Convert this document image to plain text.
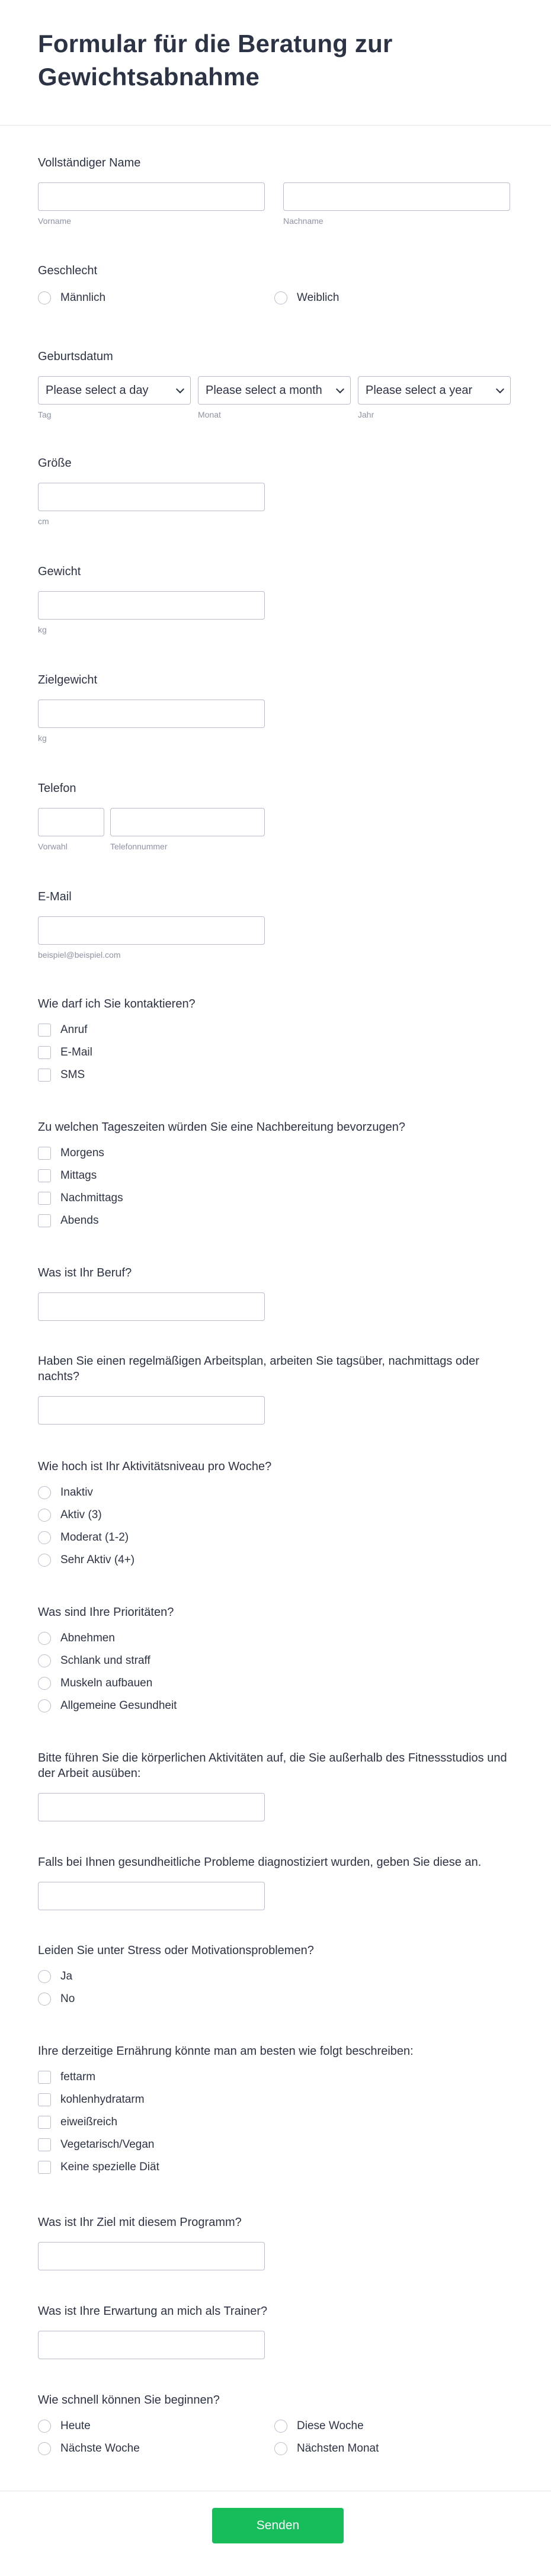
Formular für die Beratung zur Gewichtsabnahme
Vollständiger Name
Vorname	Nachname
Geschlecht
Männlich	Weiblich
Geburtsdatum
Please select a day
Tag
Please select a month
Monat
Please select a year
Jahr
Größe
cm
Gewicht
kg
Zielgewicht
kg
Telefon
Vorwahl	Telefonnummer
E-Mail
beispiel@beispiel.com
Wie darf ich Sie kontaktieren?
Anruf
E-Mail
SMS
Zu welchen Tageszeiten würden Sie eine Nachbereitung bevorzugen?
Morgens
Mittags
Nachmittags
Abends
Was ist Ihr Beruf?
Haben Sie einen regelmäßigen Arbeitsplan, arbeiten Sie tagsüber, nachmittags oder nachts?
Wie hoch ist Ihr Aktivitätsniveau pro Woche?
Inaktiv
Aktiv (3)
Moderat (1-2)
Sehr Aktiv (4+)
Was sind Ihre Prioritäten?
Abnehmen
Schlank und straff
Muskeln aufbauen
Allgemeine Gesundheit
Bitte führen Sie die körperlichen Aktivitäten auf, die Sie außerhalb des Fitnessstudios und der Arbeit ausüben:
Falls bei Ihnen gesundheitliche Probleme diagnostiziert wurden, geben Sie diese an.
Leiden Sie unter Stress oder Motivationsproblemen?
Ja
No
Ihre derzeitige Ernährung könnte man am besten wie folgt beschreiben:
fettarm
kohlenhydratarm
eiweißreich
Vegetarisch/Vegan
Keine spezielle Diät
Was ist Ihr Ziel mit diesem Programm?
Was ist Ihre Erwartung an mich als Trainer?
Wie schnell können Sie beginnen?
Heute	Diese Woche
Nächste Woche	Nächsten Monat
Senden
